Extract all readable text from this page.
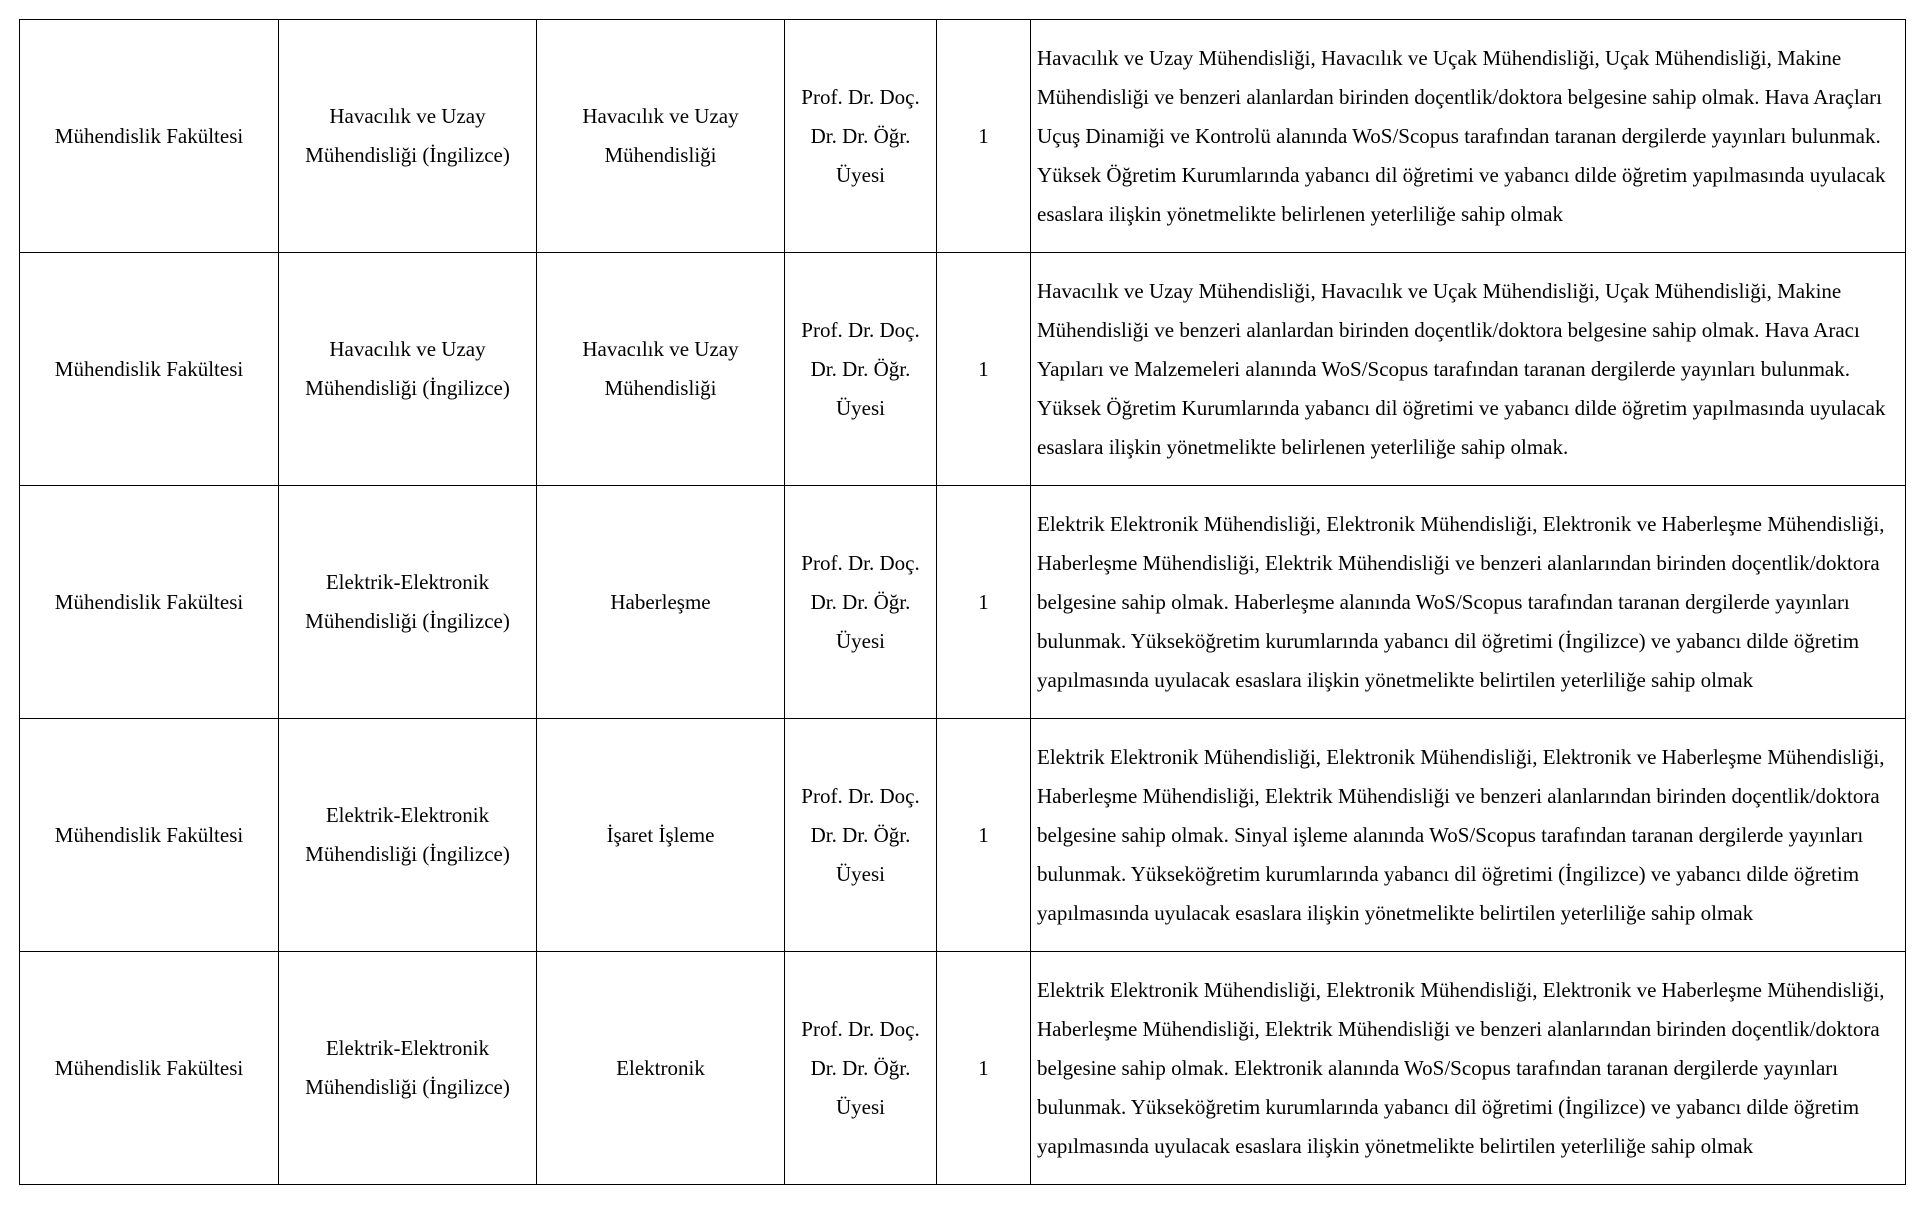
Mühendislik Fakültesi	Havacılık ve Uzay Mühendisliği (İngilizce)	Havacılık ve Uzay Mühendisliği	Prof. Dr. Doç. Dr. Dr. Öğr. Üyesi	1	Havacılık ve Uzay Mühendisliği, Havacılık ve Uçak Mühendisliği, Uçak Mühendisliği, Makine Mühendisliği ve benzeri alanlardan birinden doçentlik/doktora belgesine sahip olmak. Hava Araçları Uçuş Dinamiği ve Kontrolü alanında WoS/Scopus tarafından taranan dergilerde yayınları bulunmak. Yüksek Öğretim Kurumlarında yabancı dil öğretimi ve yabancı dilde öğretim yapılmasında uyulacak esaslara ilişkin yönetmelikte belirlenen yeterliliğe sahip olmak
Mühendislik Fakültesi	Havacılık ve Uzay Mühendisliği (İngilizce)	Havacılık ve Uzay Mühendisliği	Prof. Dr. Doç. Dr. Dr. Öğr. Üyesi	1	Havacılık ve Uzay Mühendisliği, Havacılık ve Uçak Mühendisliği, Uçak Mühendisliği, Makine Mühendisliği ve benzeri alanlardan birinden doçentlik/doktora belgesine sahip olmak. Hava Aracı Yapıları ve Malzemeleri alanında WoS/Scopus tarafından taranan dergilerde yayınları bulunmak. Yüksek Öğretim Kurumlarında yabancı dil öğretimi ve yabancı dilde öğretim yapılmasında uyulacak esaslara ilişkin yönetmelikte belirlenen yeterliliğe sahip olmak.
Mühendislik Fakültesi	Elektrik-Elektronik Mühendisliği (İngilizce)	Haberleşme	Prof. Dr. Doç. Dr. Dr. Öğr. Üyesi	1	Elektrik Elektronik Mühendisliği, Elektronik Mühendisliği, Elektronik ve Haberleşme Mühendisliği, Haberleşme Mühendisliği, Elektrik Mühendisliği ve benzeri alanlarından birinden doçentlik/doktora belgesine sahip olmak. Haberleşme alanında WoS/Scopus tarafından taranan dergilerde yayınları bulunmak. Yükseköğretim kurumlarında yabancı dil öğretimi (İngilizce) ve yabancı dilde öğretim yapılmasında uyulacak esaslara ilişkin yönetmelikte belirtilen yeterliliğe sahip olmak
Mühendislik Fakültesi	Elektrik-Elektronik Mühendisliği (İngilizce)	İşaret İşleme	Prof. Dr. Doç. Dr. Dr. Öğr. Üyesi	1	Elektrik Elektronik Mühendisliği, Elektronik Mühendisliği, Elektronik ve Haberleşme Mühendisliği, Haberleşme Mühendisliği, Elektrik Mühendisliği ve benzeri alanlarından birinden doçentlik/doktora belgesine sahip olmak. Sinyal işleme alanında WoS/Scopus tarafından taranan dergilerde yayınları bulunmak. Yükseköğretim kurumlarında yabancı dil öğretimi (İngilizce) ve yabancı dilde öğretim yapılmasında uyulacak esaslara ilişkin yönetmelikte belirtilen yeterliliğe sahip olmak
Mühendislik Fakültesi	Elektrik-Elektronik Mühendisliği (İngilizce)	Elektronik	Prof. Dr. Doç. Dr. Dr. Öğr. Üyesi	1	Elektrik Elektronik Mühendisliği, Elektronik Mühendisliği, Elektronik ve Haberleşme Mühendisliği, Haberleşme Mühendisliği, Elektrik Mühendisliği ve benzeri alanlarından birinden doçentlik/doktora belgesine sahip olmak. Elektronik alanında WoS/Scopus tarafından taranan dergilerde yayınları bulunmak. Yükseköğretim kurumlarında yabancı dil öğretimi (İngilizce) ve yabancı dilde öğretim yapılmasında uyulacak esaslara ilişkin yönetmelikte belirtilen yeterliliğe sahip olmak
